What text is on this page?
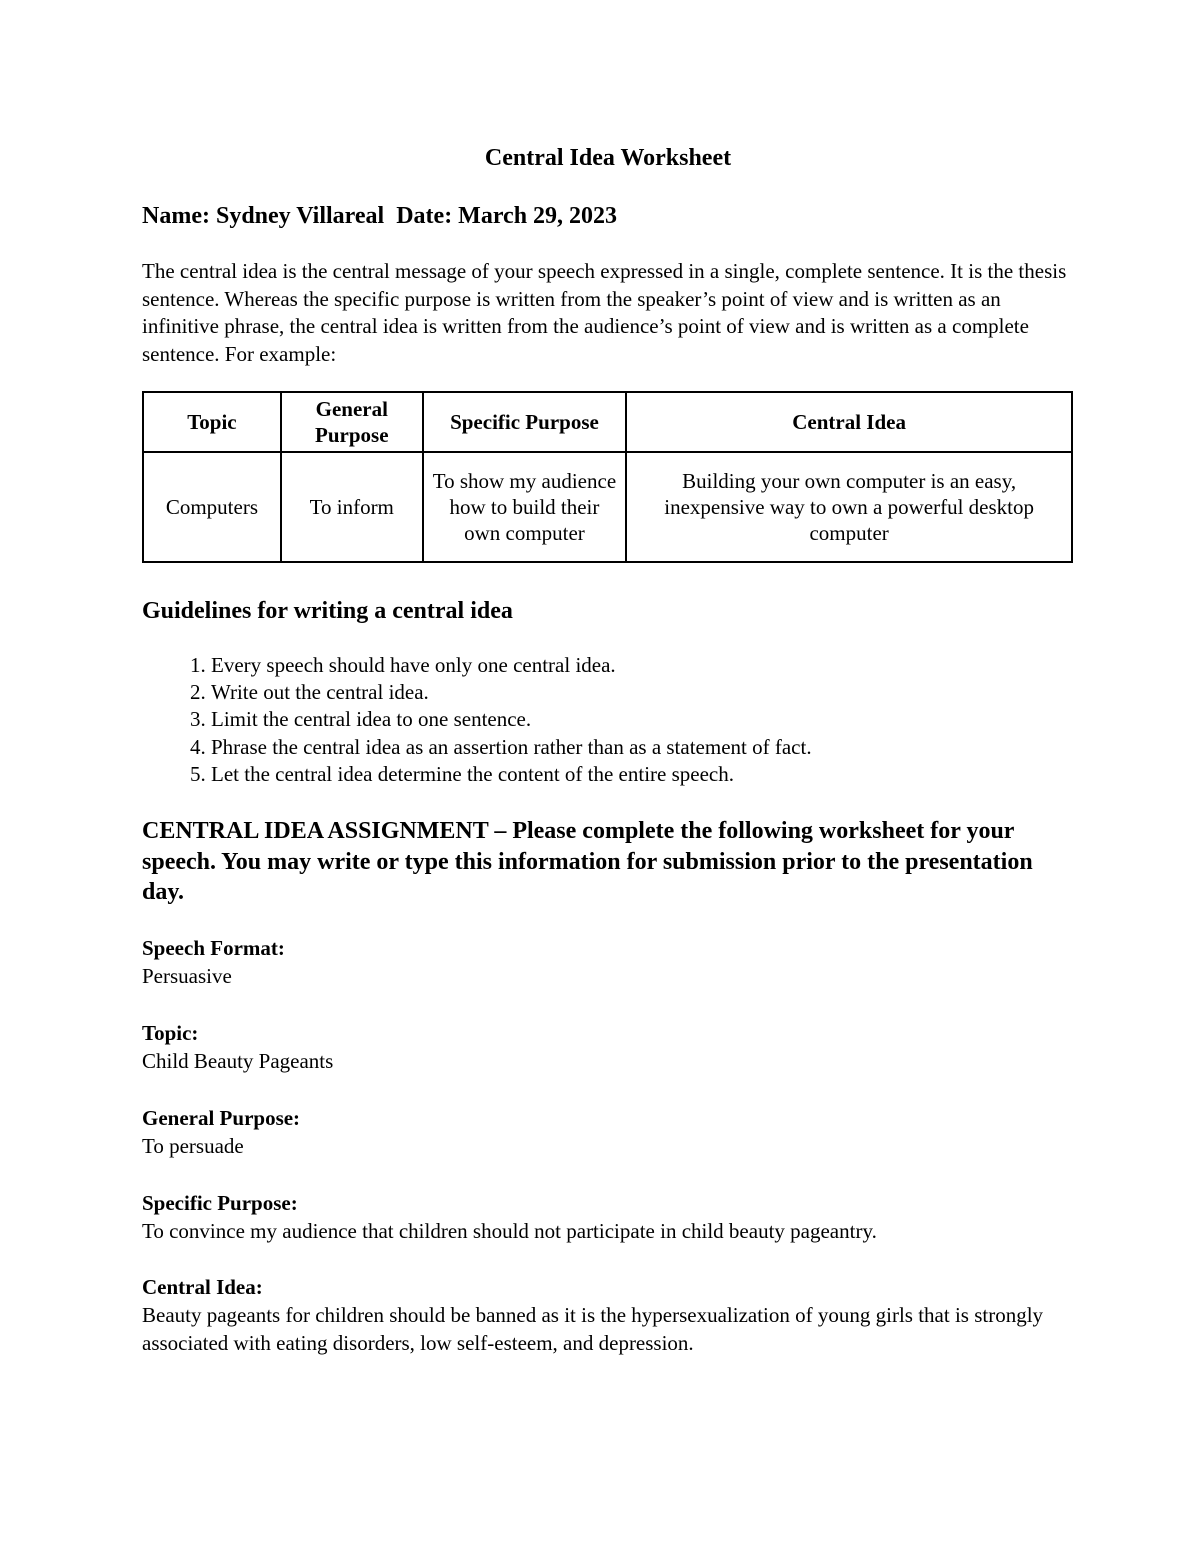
Central Idea Worksheet
Name: Sydney Villareal  Date: March 29, 2023
The central idea is the central message of your speech expressed in a single, complete sentence. It is the thesis sentence. Whereas the specific purpose is written from the speaker’s point of view and is written as an infinitive phrase, the central idea is written from the audience’s point of view and is written as a complete sentence. For example:
Topic	General Purpose	Specific Purpose	Central Idea
Computers	To inform	To show my audience how to build their own computer	Building your own computer is an easy, inexpensive way to own a powerful desktop computer
Guidelines for writing a central idea
1. Every speech should have only one central idea.
2. Write out the central idea.
3. Limit the central idea to one sentence.
4. Phrase the central idea as an assertion rather than as a statement of fact.
5. Let the central idea determine the content of the entire speech.
CENTRAL IDEA ASSIGNMENT – Please complete the following worksheet for your speech. You may write or type this information for submission prior to the presentation day.
Speech Format:
Persuasive
Topic:
Child Beauty Pageants
General Purpose:
To persuade
Specific Purpose:
To convince my audience that children should not participate in child beauty pageantry.
Central Idea:
Beauty pageants for children should be banned as it is the hypersexualization of young girls that is strongly associated with eating disorders, low self-esteem, and depression.
